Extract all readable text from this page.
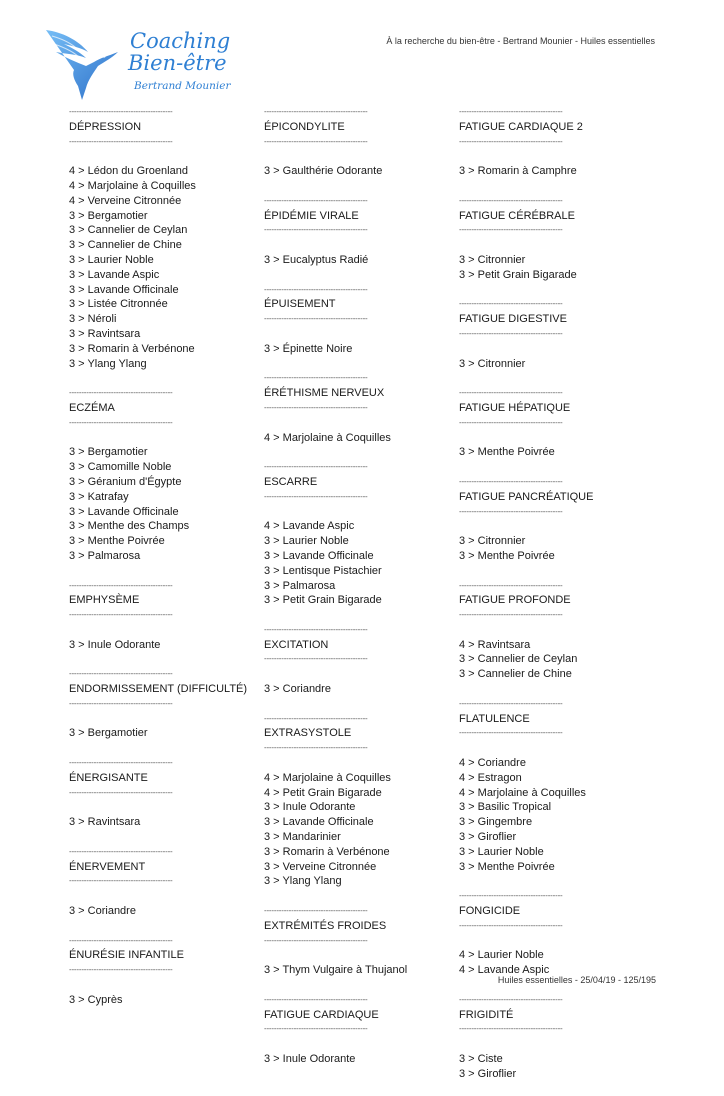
Coaching
Bien-être
Bertrand Mounier
À la recherche du bien-être - Bertrand Mounier - Huiles essentielles
------------------------------------------
DÉPRESSION
------------------------------------------
4 > Lédon du Groenland
4 > Marjolaine à Coquilles
4 > Verveine Citronnée
3 > Bergamotier
3 > Cannelier de Ceylan
3 > Cannelier de Chine
3 > Laurier Noble
3 > Lavande Aspic
3 > Lavande Officinale
3 > Listée Citronnée
3 > Néroli
3 > Ravintsara
3 > Romarin à Verbénone
3 > Ylang Ylang
------------------------------------------
ECZÉMA
------------------------------------------
3 > Bergamotier
3 > Camomille Noble
3 > Géranium d'Égypte
3 > Katrafay
3 > Lavande Officinale
3 > Menthe des Champs
3 > Menthe Poivrée
3 > Palmarosa
------------------------------------------
EMPHYSÈME
------------------------------------------
3 > Inule Odorante
------------------------------------------
ENDORMISSEMENT (DIFFICULTÉ)
------------------------------------------
3 > Bergamotier
------------------------------------------
ÉNERGISANTE
------------------------------------------
3 > Ravintsara
------------------------------------------
ÉNERVEMENT
------------------------------------------
3 > Coriandre
------------------------------------------
ÉNURÉSIE INFANTILE
------------------------------------------
3 > Cyprès
------------------------------------------
ÉPICONDYLITE
------------------------------------------
3 > Gaulthérie Odorante
------------------------------------------
ÉPIDÉMIE VIRALE
------------------------------------------
3 > Eucalyptus Radié
------------------------------------------
ÉPUISEMENT
------------------------------------------
3 > Épinette Noire
------------------------------------------
ÉRÉTHISME NERVEUX
------------------------------------------
4 > Marjolaine à Coquilles
------------------------------------------
ESCARRE
------------------------------------------
4 > Lavande Aspic
3 > Laurier Noble
3 > Lavande Officinale
3 > Lentisque Pistachier
3 > Palmarosa
3 > Petit Grain Bigarade
------------------------------------------
EXCITATION
------------------------------------------
3 > Coriandre
------------------------------------------
EXTRASYSTOLE
------------------------------------------
4 > Marjolaine à Coquilles
4 > Petit Grain Bigarade
3 > Inule Odorante
3 > Lavande Officinale
3 > Mandarinier
3 > Romarin à Verbénone
3 > Verveine Citronnée
3 > Ylang Ylang
------------------------------------------
EXTRÉMITÉS FROIDES
------------------------------------------
3 > Thym Vulgaire à Thujanol
------------------------------------------
FATIGUE CARDIAQUE
------------------------------------------
3 > Inule Odorante
------------------------------------------
FATIGUE CARDIAQUE 2
------------------------------------------
3 > Romarin à Camphre
------------------------------------------
FATIGUE CÉRÉBRALE
------------------------------------------
3 > Citronnier
3 > Petit Grain Bigarade
------------------------------------------
FATIGUE DIGESTIVE
------------------------------------------
3 > Citronnier
------------------------------------------
FATIGUE HÉPATIQUE
------------------------------------------
3 > Menthe Poivrée
------------------------------------------
FATIGUE PANCRÉATIQUE
------------------------------------------
3 > Citronnier
3 > Menthe Poivrée
------------------------------------------
FATIGUE PROFONDE
------------------------------------------
4 > Ravintsara
3 > Cannelier de Ceylan
3 > Cannelier de Chine
------------------------------------------
FLATULENCE
------------------------------------------
4 > Coriandre
4 > Estragon
4 > Marjolaine à Coquilles
3 > Basilic Tropical
3 > Gingembre
3 > Giroflier
3 > Laurier Noble
3 > Menthe Poivrée
------------------------------------------
FONGICIDE
------------------------------------------
4 > Laurier Noble
4 > Lavande Aspic
------------------------------------------
FRIGIDITÉ
------------------------------------------
3 > Ciste
3 > Giroflier
Huiles essentielles - 25/04/19 - 125/195
